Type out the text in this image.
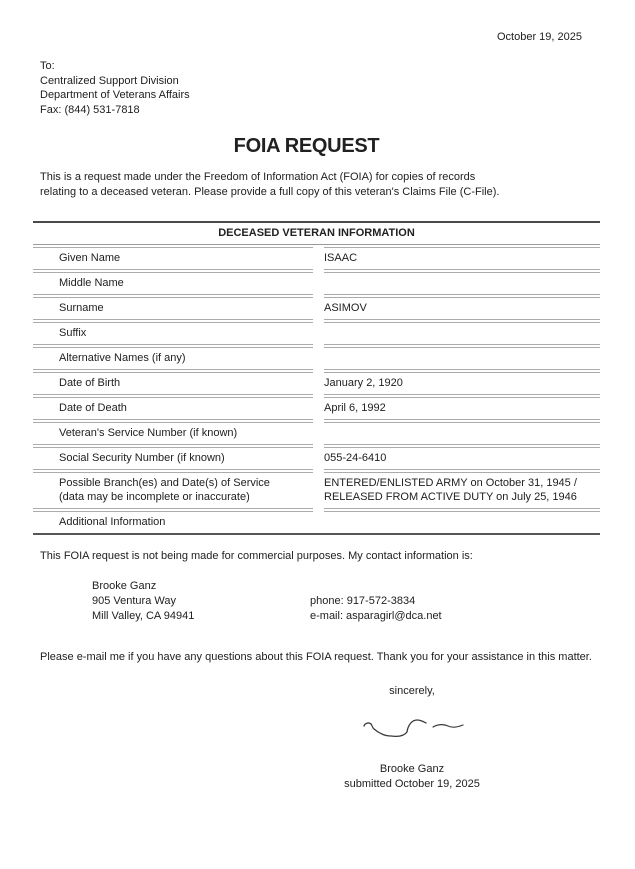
October 19, 2025
To:
Centralized Support Division
Department of Veterans Affairs
Fax: (844) 531-7818
FOIA REQUEST
This is a request made under the Freedom of Information Act (FOIA) for copies of records
relating to a deceased veteran. Please provide a full copy of this veteran's Claims File (C-File).
DECEASED VETERAN INFORMATION
Given Name	ISAAC
Middle Name
Surname	ASIMOV
Suffix
Alternative Names (if any)
Date of Birth	January 2, 1920
Date of Death	April 6, 1992
Veteran's Service Number (if known)
Social Security Number (if known)	055-24-6410
Possible Branch(es) and Date(s) of Service
(data may be incomplete or inaccurate)
ENTERED/ENLISTED ARMY on October 31, 1945 / RELEASED FROM ACTIVE DUTY on July 25, 1946
Additional Information
This FOIA request is not being made for commercial purposes. My contact information is:
Brooke Ganz
905 Ventura Way
Mill Valley, CA 94941
phone: 917-572-3834
e-mail: asparagirl@dca.net
Please e-mail me if you have any questions about this FOIA request. Thank you for your assistance in this matter.
sincerely,
Brooke Ganz
submitted October 19, 2025
